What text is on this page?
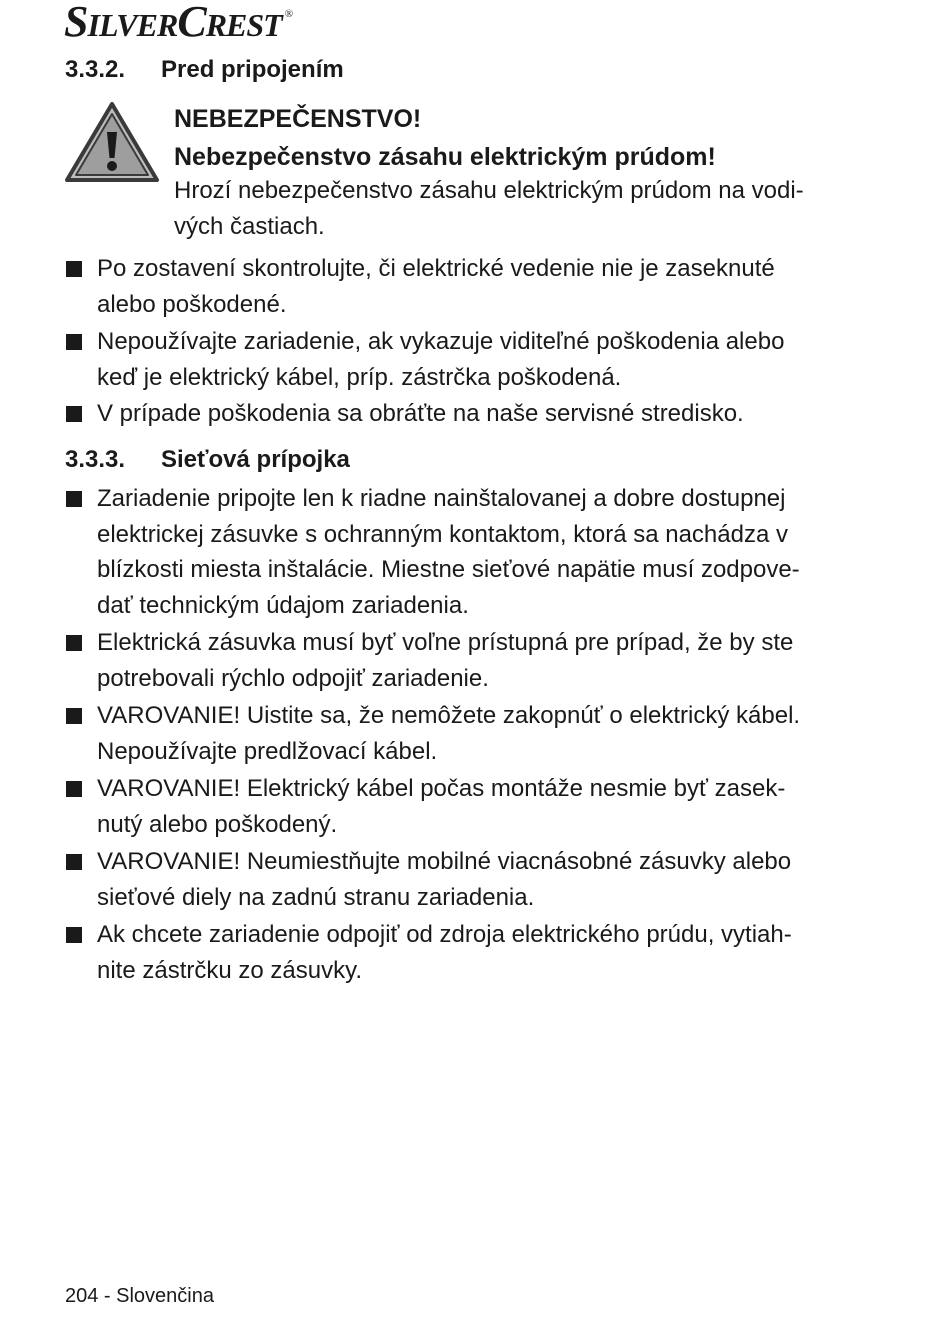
S ILVER C REST ®
3.3.2. Pred pripojením
NEBEZPEČENSTVO!
Nebezpečenstvo zásahu elektrickým prúdom!
Hrozí nebezpečenstvo zásahu elektrickým prúdom na vodi-
vých častiach.
Po zostavení skontrolujte, či elektrické vedenie nie je zaseknuté
alebo poškodené.
Nepoužívajte zariadenie, ak vykazuje viditeľné poškodenia alebo
keď je elektrický kábel, príp. zástrčka poškodená.
V prípade poškodenia sa obráťte na naše servisné stredisko.
3.3.3. Sieťová prípojka
Zariadenie pripojte len k riadne nainštalovanej a dobre dostupnej
elektrickej zásuvke s ochranným kontaktom, ktorá sa nachádza v
blízkosti miesta inštalácie. Miestne sieťové napätie musí zodpove-
dať technickým údajom zariadenia.
Elektrická zásuvka musí byť voľne prístupná pre prípad, že by ste
potrebovali rýchlo odpojiť zariadenie.
VAROVANIE! Uistite sa, že nemôžete zakopnúť o elektrický kábel.
Nepoužívajte predlžovací kábel.
VAROVANIE! Elektrický kábel počas montáže nesmie byť zasek-
nutý alebo poškodený.
VAROVANIE! Neumiestňujte mobilné viacnásobné zásuvky alebo
sieťové diely na zadnú stranu zariadenia.
Ak chcete zariadenie odpojiť od zdroja elektrického prúdu, vytiah-
nite zástrčku zo zásuvky.
204 - Slovenčina
